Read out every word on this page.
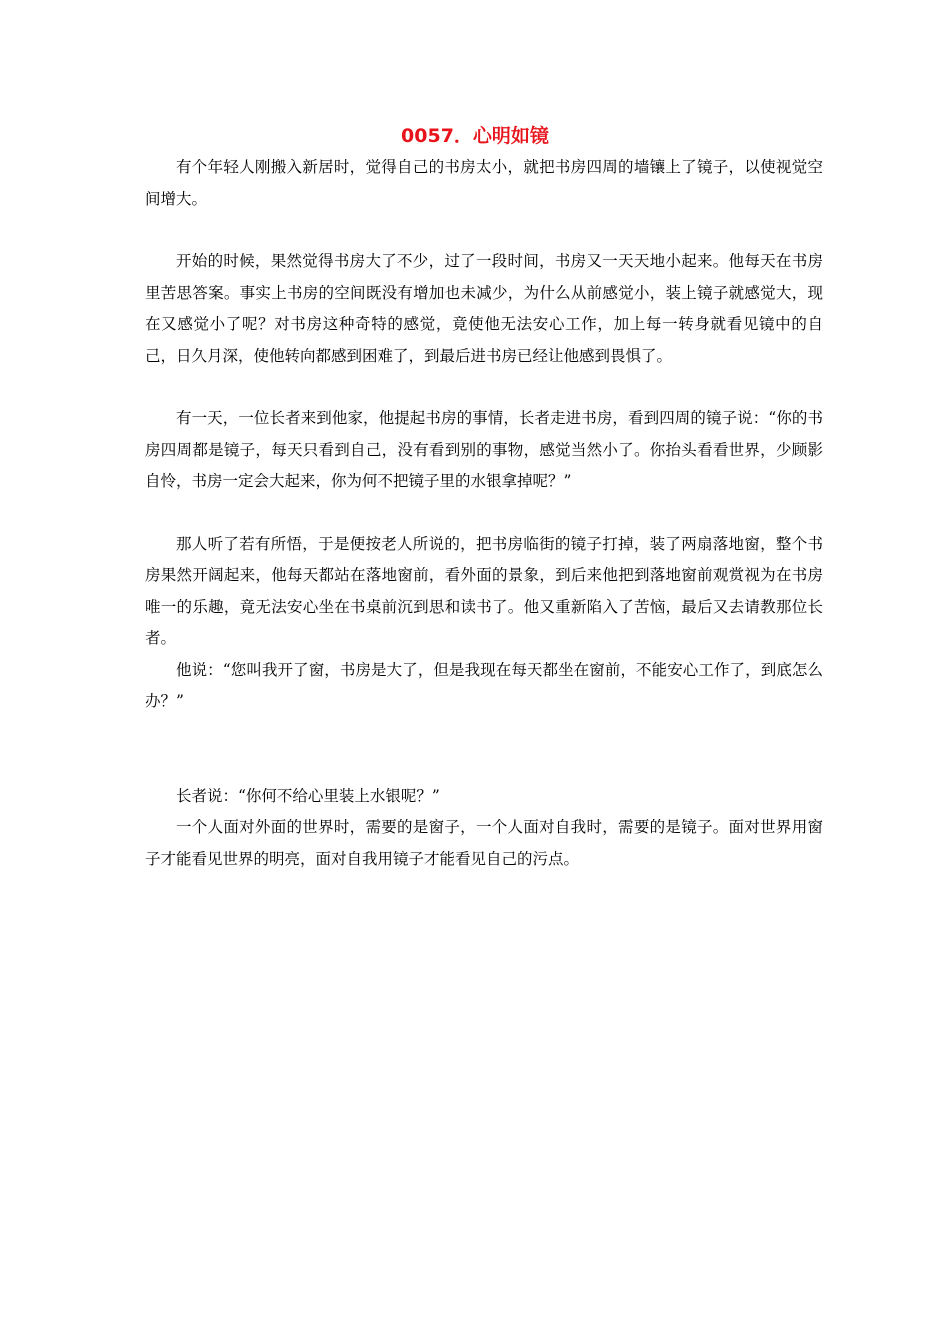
0057．心明如镜

有个年轻人刚搬入新居时，觉得自己的书房太小，就把书房四周的墙镶上了镜子，以使视觉空间增大。

开始的时候，果然觉得书房大了不少，过了一段时间，书房又一天天地小起来。他每天在书房里苦思答案。事实上书房的空间既没有增加也未减少，为什么从前感觉小，装上镜子就感觉大，现在又感觉小了呢？对书房这种奇特的感觉，竟使他无法安心工作，加上每一转身就看见镜中的自己，日久月深，使他转向都感到困难了，到最后进书房已经让他感到畏惧了。

有一天，一位长者来到他家，他提起书房的事情，长者走进书房，看到四周的镜子说：“你的书房四周都是镜子，每天只看到自己，没有看到别的事物，感觉当然小了。你抬头看看世界，少顾影自怜，书房一定会大起来，你为何不把镜子里的水银拿掉呢？”

那人听了若有所悟，于是便按老人所说的，把书房临街的镜子打掉，装了两扇落地窗，整个书房果然开阔起来，他每天都站在落地窗前，看外面的景象，到后来他把到落地窗前观赏视为在书房唯一的乐趣，竟无法安心坐在书桌前沉到思和读书了。他又重新陷入了苦恼，最后又去请教那位长者。

他说：“您叫我开了窗，书房是大了，但是我现在每天都坐在窗前，不能安心工作了，到底怎么办？”

长者说：“你何不给心里装上水银呢？”

一个人面对外面的世界时，需要的是窗子，一个人面对自我时，需要的是镜子。面对世界用窗子才能看见世界的明亮，面对自我用镜子才能看见自己的污点。
